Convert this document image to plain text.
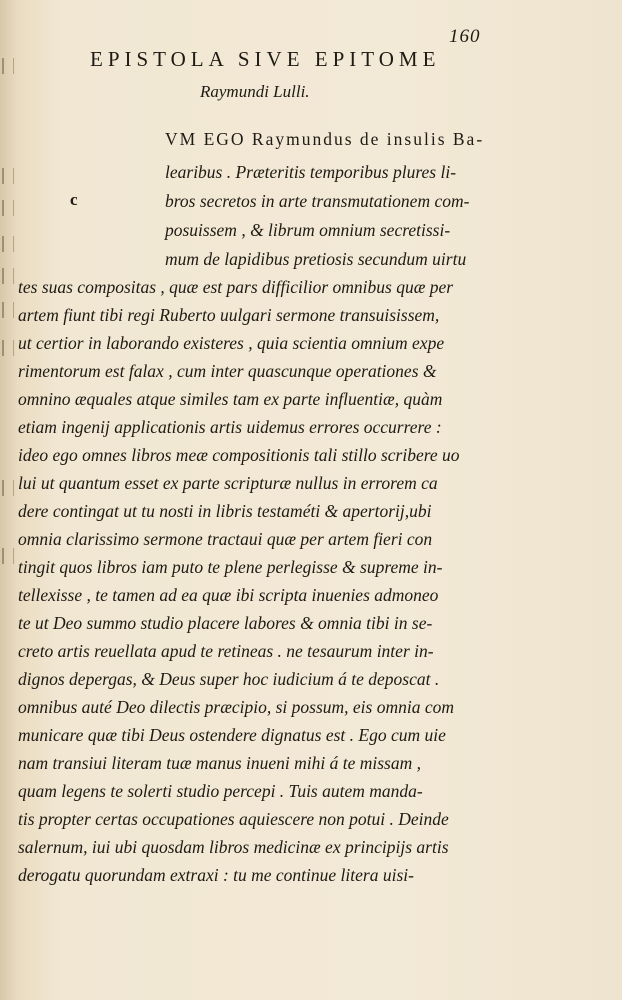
160
EPISTOLA SIVE EPITOME
Raymundi Lulli.
c
VM EGO Raymundus de insulis Ba-
learibus . Præteritis temporibus plures li-
bros secretos in arte transmutationem com-
posuissem , & librum omnium secretissi-
mum de lapidibus pretiosis secundum uirtu
tes suas compositas , quæ est pars difficilior omnibus quæ per
artem fiunt tibi regi Ruberto uulgari sermone transuisissem,
ut certior in laborando existeres , quia scientia omnium expe
rimentorum est falax , cum inter quascunque operationes &
omnino æquales atque similes tam ex parte influentiæ, quàm
etiam ingenij applicationis artis uidemus errores occurrere :
ideo ego omnes libros meæ compositionis tali stillo scribere uo
lui ut quantum esset ex parte scripturæ nullus in errorem ca
dere contingat ut tu nosti in libris testaméti & apertorij,ubi
omnia clarissimo sermone tractaui quæ per artem fieri con
tingit quos libros iam puto te plene perlegisse & supreme in-
tellexisse , te tamen ad ea quæ ibi scripta inuenies admoneo
te ut Deo summo studio placere labores & omnia tibi in se-
creto artis reuellata apud te retineas . ne tesaurum inter in-
dignos depergas, & Deus super hoc iudicium á te deposcat .
omnibus auté Deo dilectis præcipio, si possum, eis omnia com
municare quæ tibi Deus ostendere dignatus est . Ego cum uie
nam transiui literam tuæ manus inueni mihi á te missam ,
quam legens te solerti studio percepi . Tuis autem manda-
tis propter certas occupationes aquiescere non potui . Deinde
salernum, iui ubi quosdam libros medicinæ ex principijs artis
derogatu quorundam extraxi : tu me continue litera uisi-
